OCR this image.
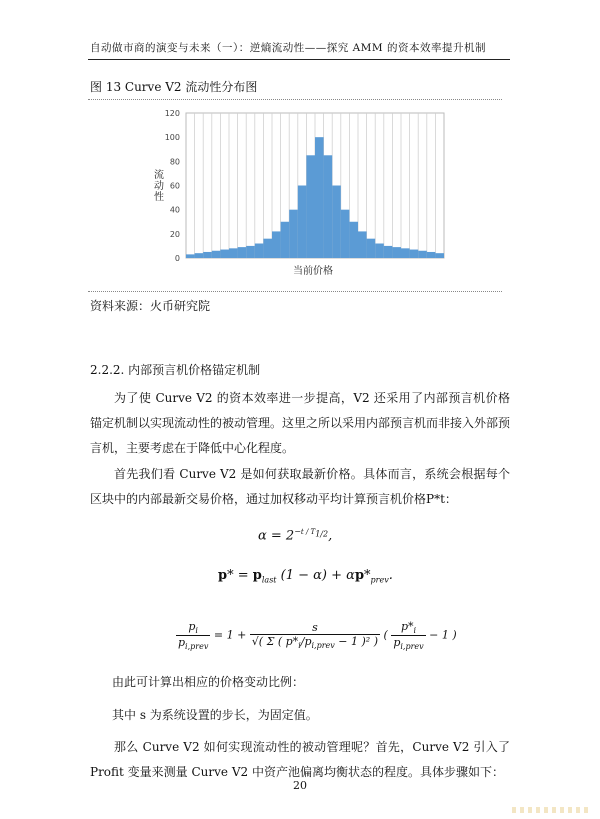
自动做市商的演变与未来（一）：逆熵流动性——探究 AMM 的资本效率提升机制
图 13 Curve V2 流动性分布图
0
20
40
60
80
100
120
流动性
当前价格
资料来源：火币研究院
2.2.2. 内部预言机价格锚定机制

为了使 Curve V2 的资本效率进一步提高，V2 还采用了内部预言机价格锚定机制以实现流动性的被动管理。这里之所以采用内部预言机而非接入外部预言机，主要考虑在于降低中心化程度。

首先我们看 Curve V2 是如何获取最新价格。具体而言，系统会根据每个区块中的内部最新交易价格，通过加权移动平均计算预言机价格P*t：

$\alpha = 2^{-t / T_{1/2}}$,
$p* = p_{last}$ $(1 - \alpha) + \alpha p*_{prev}$.
$\frac{p_i}{p_{i,prev}} = 1 + \frac{s}{√( \Sigma ( p*_i/p_{i,prev} - 1 )^2 )}$ ( $\frac{p*_i}{p_{i,prev}} - 1$ )
由此可计算出相应的价格变动比例：
其中 s 为系统设置的步长，为固定值。

那么 Curve V2 如何实现流动性的被动管理呢？首先，Curve V2 引入了 Profit 变量来测量 Curve V2 中资产池偏离均衡状态的程度。具体步骤如下：

20
